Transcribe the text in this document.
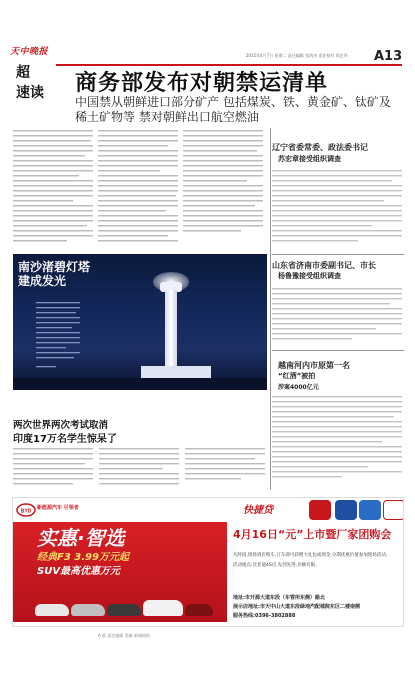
天中晚报
超
速读
2015年4月7日 星期二 责任编辑 张鸿杰 责任校对 胡艺华 A13
商务部发布对朝禁运清单
中国禁从朝鲜进口部分矿产 包括煤炭、铁、黄金矿、钛矿及
稀土矿物等 禁对朝鲜出口航空燃油
辽宁省委常委、政法委书记
苏宏章接受组织调查
山东省济南市委副书记、市长
杨鲁豫接受组织调查
越南河内市原第一名
“红酒”被拍
涉案4000亿元
南沙渚碧灯塔
建成发光
两次世界两次考试取消
印度17万名学生惊呆了
BYD
新能源汽车 引领者	快捷贷
实惠·智选
经典F3 3.99万元起
SUV最高优惠万元
4月16日“元”上市暨厂家团购会
凡时间,现场到店购车,订车即可获赠大礼包或现金,分期优惠价值参加现场活动。
活动地点:比亚迪4S店,先到先得,名额有限。
地址:市开源大道东段（车管所东侧）路北
展示店地址:市天中山大道东段绿地汽配城院东区二楼南侧
服务热线:0396-3802888
A 版 责任编辑 美编 新闻热线
